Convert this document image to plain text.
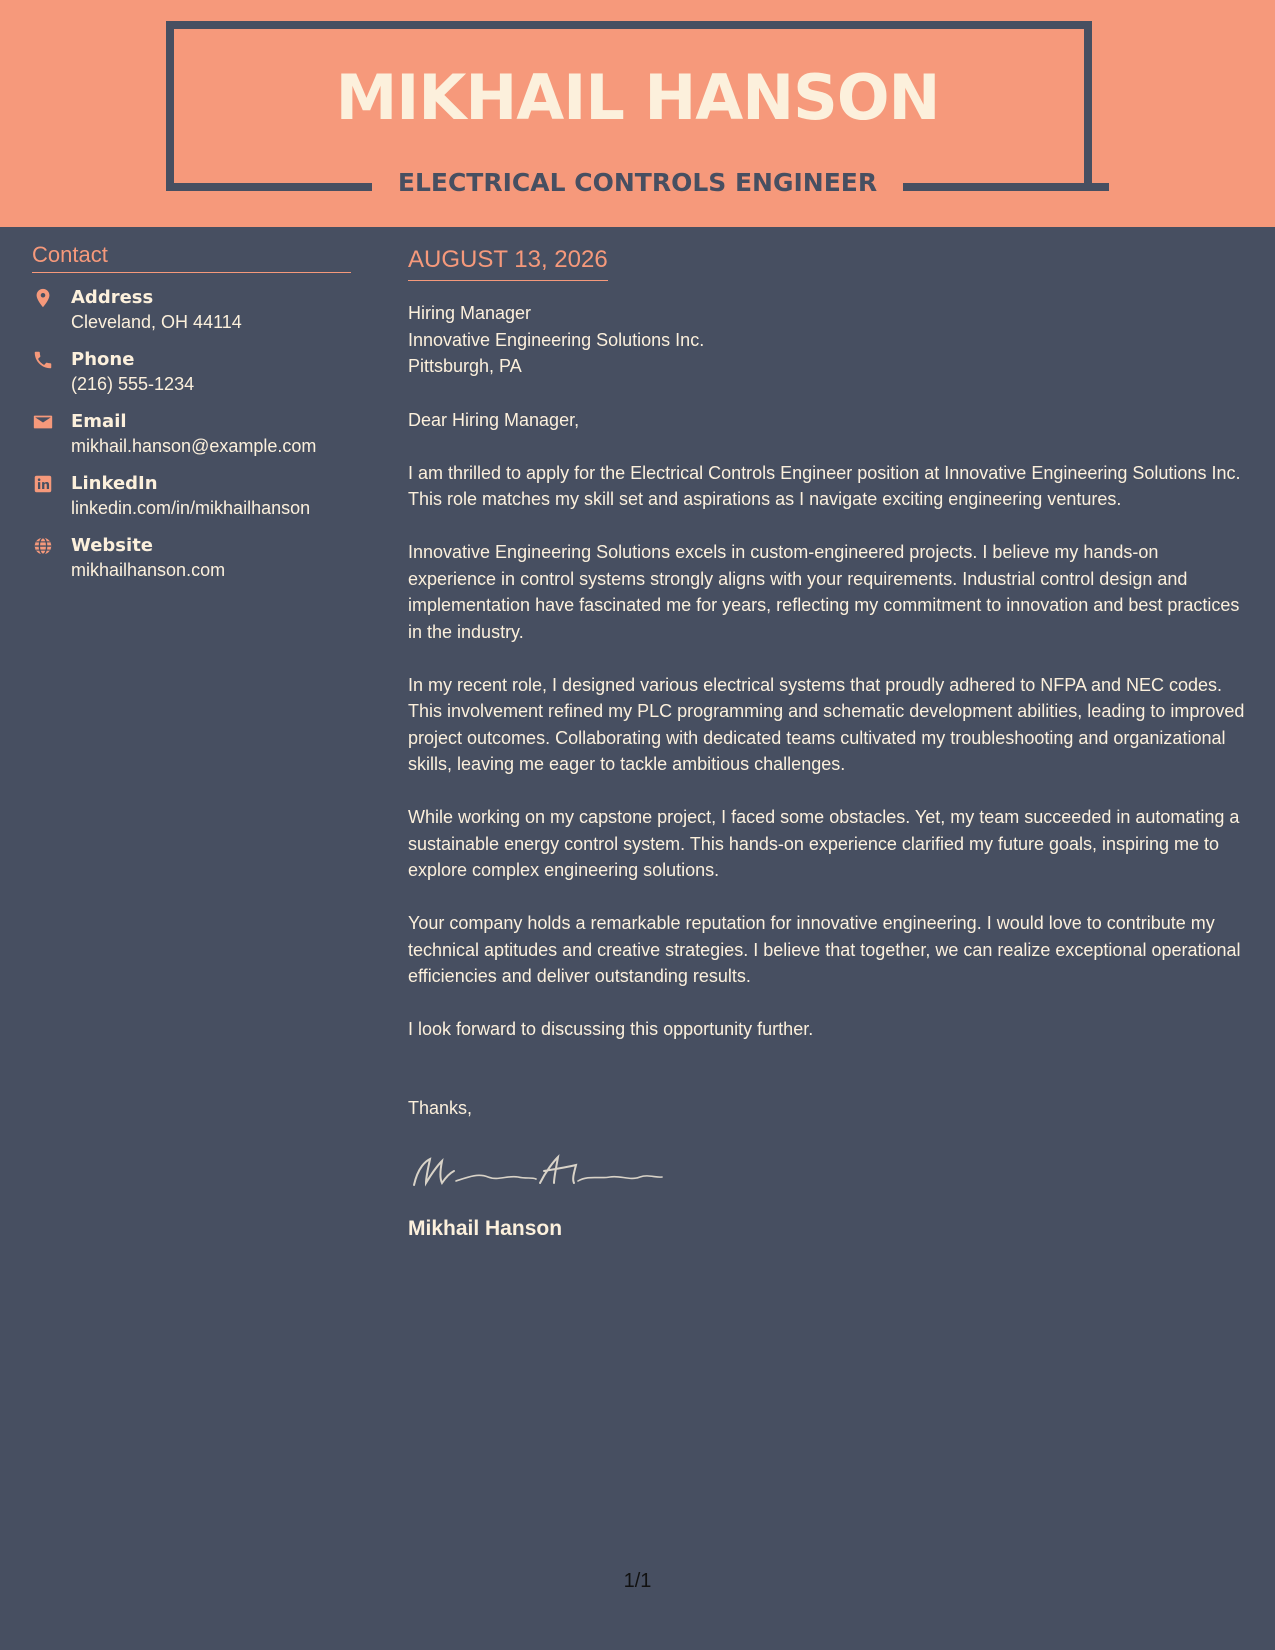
MIKHAIL HANSON
ELECTRICAL CONTROLS ENGINEER
Contact
Address
Cleveland, OH 44114
Phone
(216) 555-1234
Email
mikhail.hanson@example.com
LinkedIn
linkedin.com/in/mikhailhanson
Website
mikhailhanson.com
AUGUST 13, 2026
Hiring Manager
Innovative Engineering Solutions Inc.
Pittsburgh, PA

Dear Hiring Manager,

I am thrilled to apply for the Electrical Controls Engineer position at Innovative Engineering Solutions Inc. This role matches my skill set and aspirations as I navigate exciting engineering ventures.

Innovative Engineering Solutions excels in custom-engineered projects. I believe my hands-on experience in control systems strongly aligns with your requirements. Industrial control design and implementation have fascinated me for years, reflecting my commitment to innovation and best practices in the industry.

In my recent role, I designed various electrical systems that proudly adhered to NFPA and NEC codes. This involvement refined my PLC programming and schematic development abilities, leading to improved project outcomes. Collaborating with dedicated teams cultivated my troubleshooting and organizational skills, leaving me eager to tackle ambitious challenges.

While working on my capstone project, I faced some obstacles. Yet, my team succeeded in automating a sustainable energy control system. This hands-on experience clarified my future goals, inspiring me to explore complex engineering solutions.

Your company holds a remarkable reputation for innovative engineering. I would love to contribute my technical aptitudes and creative strategies. I believe that together, we can realize exceptional operational efficiencies and deliver outstanding results.

I look forward to discussing this opportunity further.

Thanks,

Mikhail Hanson
1/1
